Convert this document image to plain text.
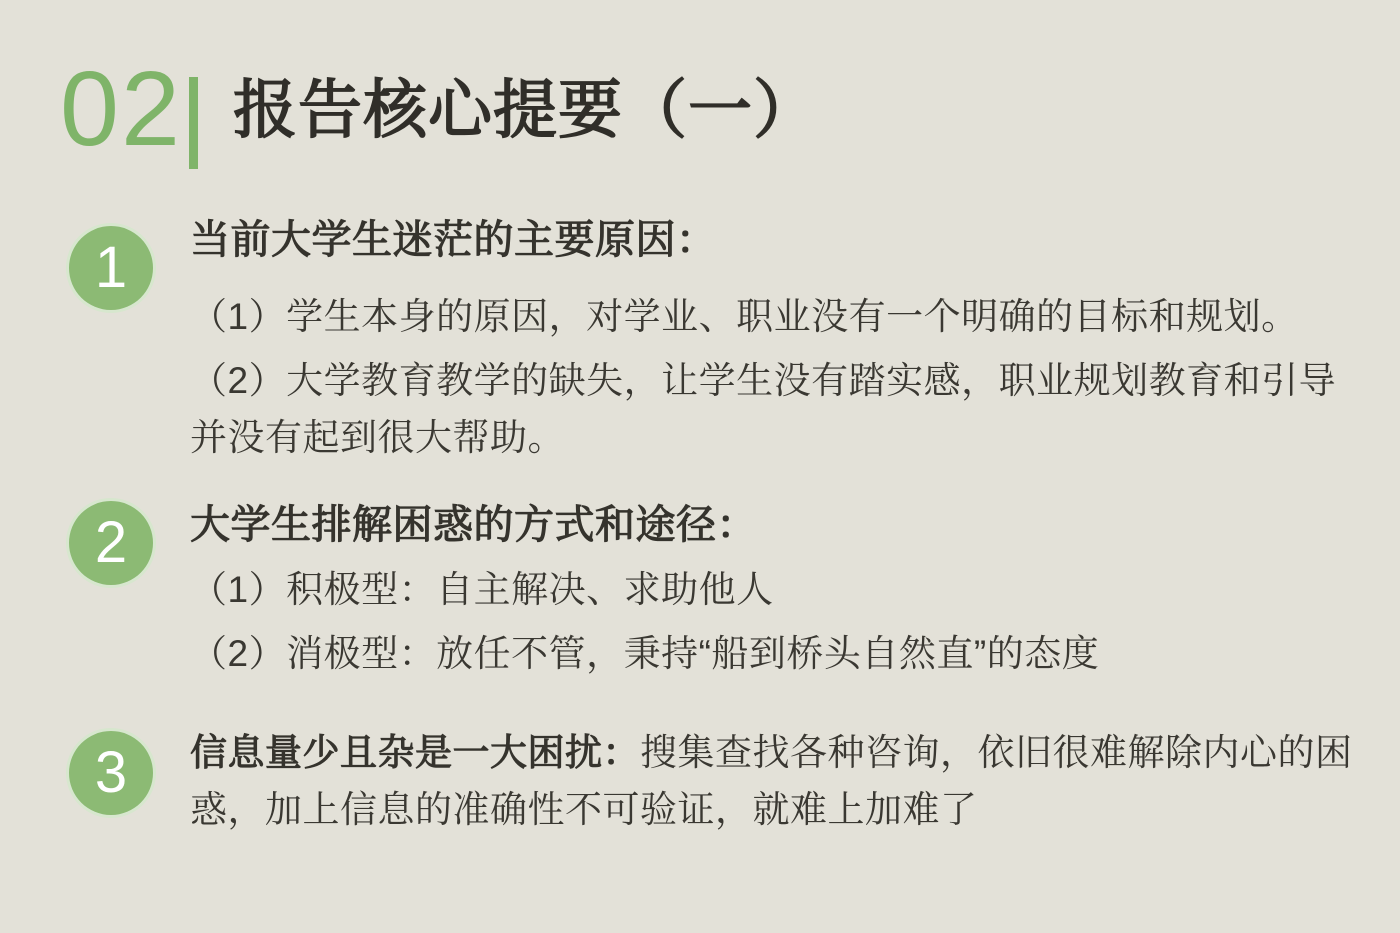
02 报告核心提要（一）
1
2
3
当前大学生迷茫的主要原因：

（1）学生本身的原因，对学业、职业没有一个明确的目标和规划。

（2）大学教育教学的缺失，让学生没有踏实感，职业规划教育和引导并没有起到很大帮助。

大学生排解困惑的方式和途径：

（1）积极型：自主解决、求助他人

（2）消极型：放任不管，秉持“船到桥头自然直”的态度

信息量少且杂是一大困扰：搜集查找各种咨询，依旧很难解除内心的困惑，加上信息的准确性不可验证，就难上加难了
